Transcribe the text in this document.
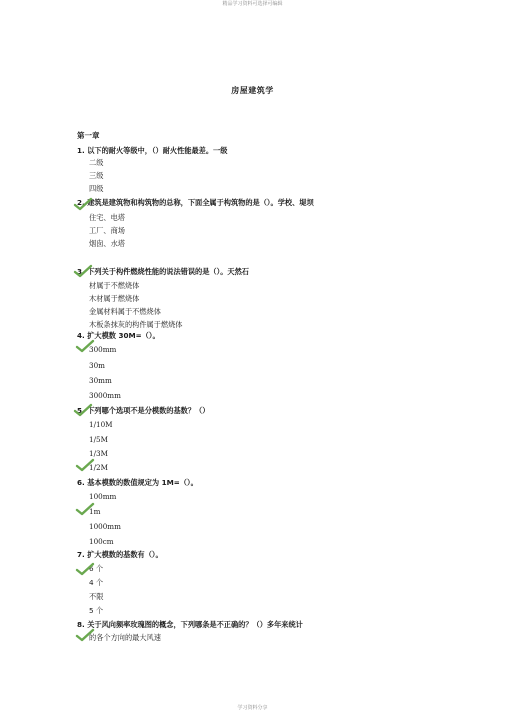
精品学习资料可选择可编辑
房屋建筑学
第一章
1. 以下的耐火等级中，（）耐火性能最差。一级
二级
三级
四级
2. 建筑是建筑物和构筑物的总称，下面全属于构筑物的是（）。学校、堤坝
住宅、电塔
工厂、商场
烟囱、水塔
3. 下列关于构件燃烧性能的说法错误的是（）。天然石
材属于不燃烧体
木材属于燃烧体
金属材料属于不燃烧体
木板条抹灰的构件属于燃烧体
4. 扩大模数 30M=（）。
300mm
30m
30mm
3000mm
5. 下列哪个选项不是分模数的基数？（）
1/10M
1/5M
1/3M
1/2M
6. 基本模数的数值规定为 1M=（）。
100mm
1m
1000mm
100cm
7. 扩大模数的基数有（）。
6 个
4 个
不限
5 个
8. 关于风向频率玫瑰图的概念，下列哪条是不正确的？（）多年来统计
的各个方向的最大风速
学习资料分享
